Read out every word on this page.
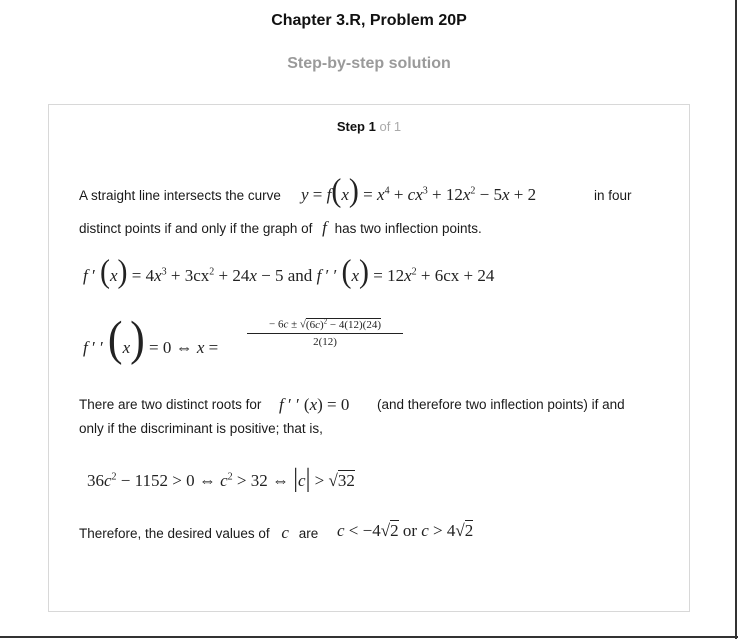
Chapter 3.R, Problem 20P
Step-by-step solution
Step 1 of 1
A straight line intersects the curve $y = f(x) = x^4 + cx^3 + 12x^2 - 5x + 2$	in four
distinct points if and only if the graph of f has two inflection points.
f ′ $(x) = 4x^3 + 3cx^2 + 24x - 5$ and f ′ ′ $(x) = 12x^2 + 6cx + 24$
f ′ ′ (x) = 0 ⇔ x =
− $6c \pm √(6c)^2 - 4(12)(24)$
2(12)
There are two distinct roots for f ′ ′ (x) = 0 (and therefore two inflection points) if and
only if the discriminant is positive; that is,
$36c^2 - 1152 > 0$ ⇔ $c^2 > 32$ ⇔ |c| > √32
Therefore, the desired values of c are c < −4√2 or c > 4√2
